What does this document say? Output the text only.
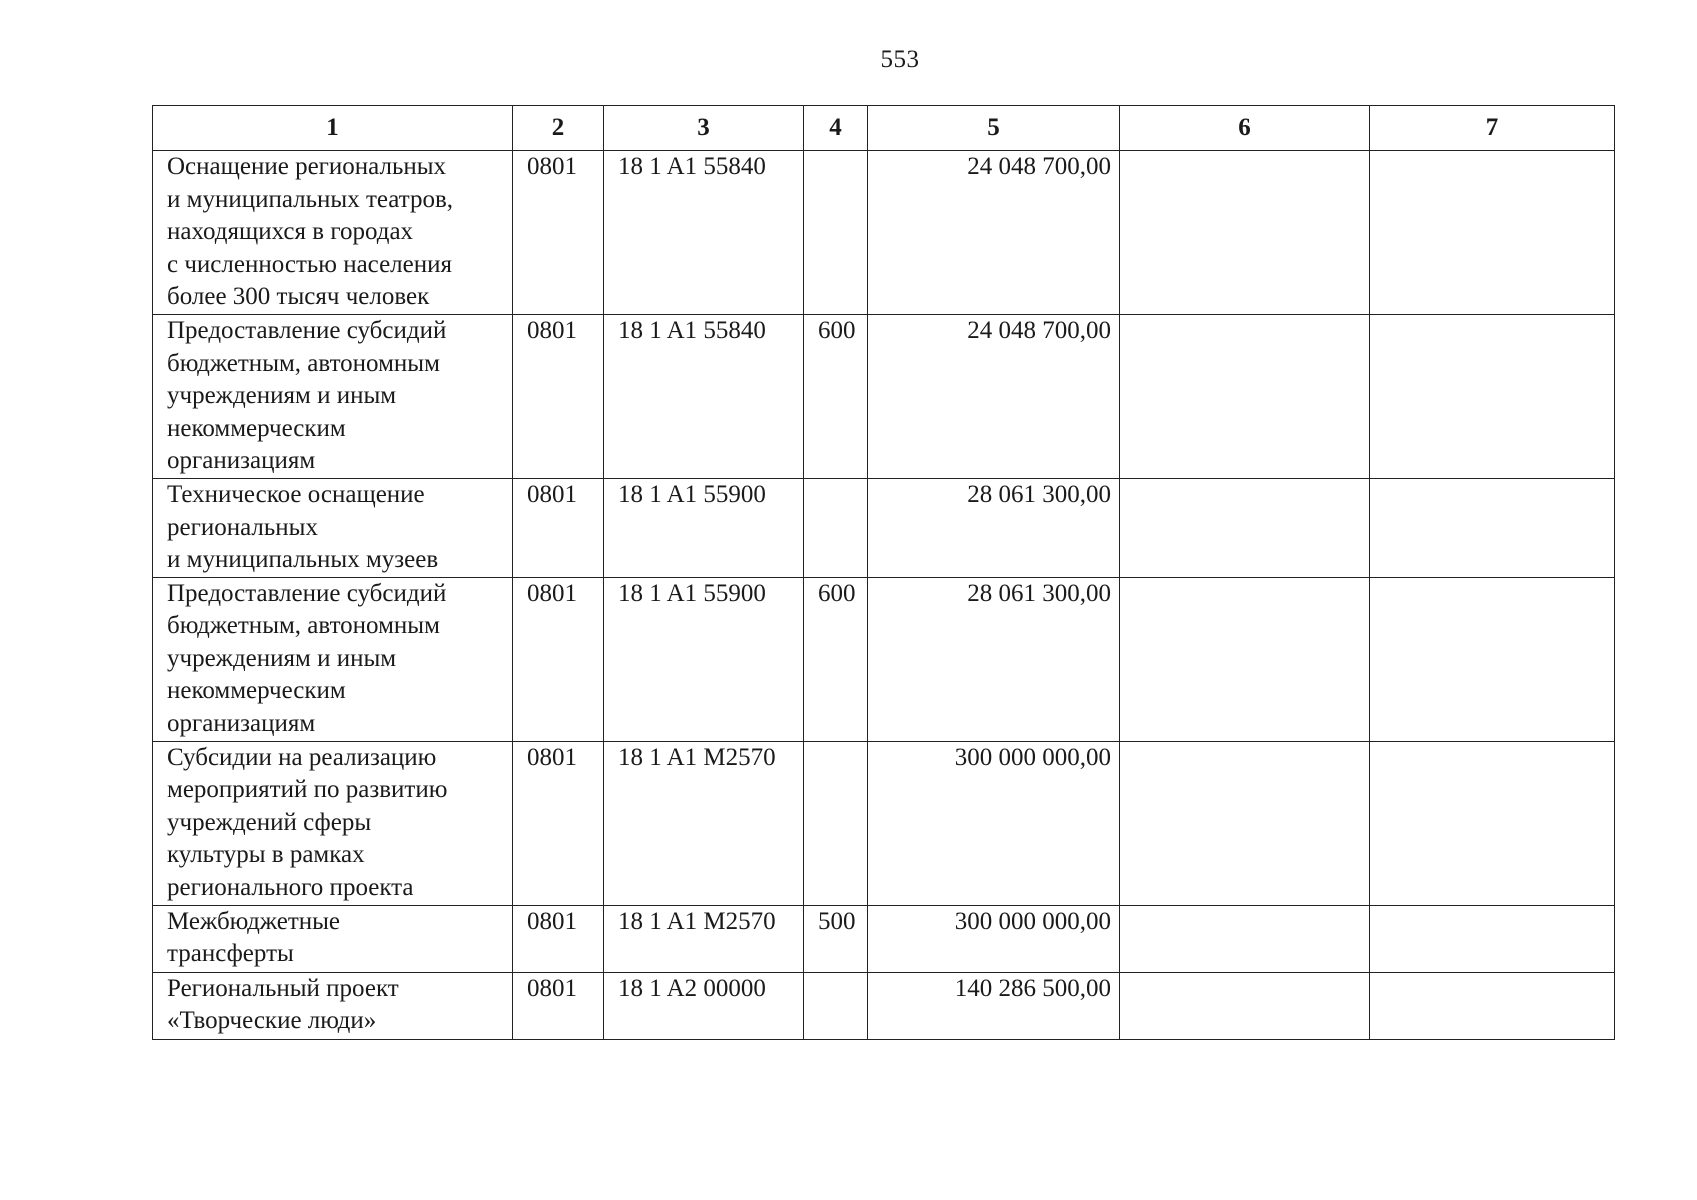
553
1	2	3	4	5	6	7

Оснащение региональных
и муниципальных театров,
находящихся в городах
с численностью населения
более 300 тысяч человек	0801	18 1 A1 55840		24 048 700,00		

Предоставление субсидий
бюджетным, автономным
учреждениям и иным
некоммерческим
организациям	0801	18 1 A1 55840	600	24 048 700,00		

Техническое оснащение
региональных
и муниципальных музеев	0801	18 1 A1 55900		28 061 300,00		

Предоставление субсидий
бюджетным, автономным
учреждениям и иным
некоммерческим
организациям	0801	18 1 A1 55900	600	28 061 300,00		

Субсидии на реализацию
мероприятий по развитию
учреждений сферы
культуры в рамках
регионального проекта	0801	18 1 A1 M2570		300 000 000,00		

Межбюджетные
трансферты	0801	18 1 A1 M2570	500	300 000 000,00		

Региональный проект
«Творческие люди»	0801	18 1 A2 00000		140 286 500,00		
